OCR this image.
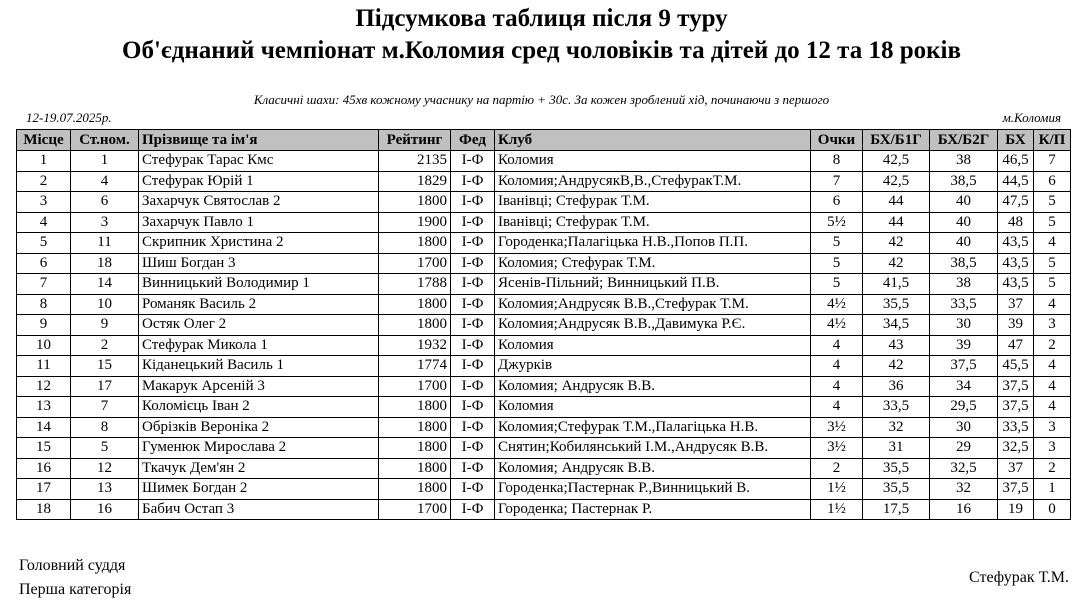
Підсумкова таблиця після 9 туру
Об'єднаний чемпіонат м.Коломия сред чоловіків та дітей до 12 та 18 років
Класичні шахи: 45хв кожному учаснику на партію + 30с. За кожен зроблений хід, починаючи з першого
12-19.07.2025р.	м.Коломия
Місце	Ст.ном.	Прізвище та ім'я	Рейтинг	Фед	Клуб	Очки	БХ/Б1Г	БХ/Б2Г	БХ	К/П
1	1	Стефурак Тарас Кмс	2135	І-Ф	Коломия	8	42,5	38	46,5	7
2	4	Стефурак Юрій 1	1829	І-Ф	Коломия;АндрусякВ,В.,СтефуракТ.М.	7	42,5	38,5	44,5	6
3	6	Захарчук Святослав 2	1800	І-Ф	Іванівці; Стефурак Т.М.	6	44	40	47,5	5
4	3	Захарчук Павло 1	1900	І-Ф	Іванівці; Стефурак Т.М.	5½	44	40	48	5
5	11	Скрипник Христина 2	1800	І-Ф	Городенка;Палагіцька Н.В.,Попов П.П.	5	42	40	43,5	4
6	18	Шиш Богдан 3	1700	І-Ф	Коломия; Стефурак Т.М.	5	42	38,5	43,5	5
7	14	Винницький Володимир 1	1788	І-Ф	Ясенів-Пільний; Винницький П.В.	5	41,5	38	43,5	5
8	10	Романяк Василь 2	1800	І-Ф	Коломия;Андрусяк В.В.,Стефурак Т.М.	4½	35,5	33,5	37	4
9	9	Остяк Олег 2	1800	І-Ф	Коломия;Андрусяк В.В.,Давимука Р.Є.	4½	34,5	30	39	3
10	2	Стефурак Микола 1	1932	І-Ф	Коломия	4	43	39	47	2
11	15	Кіданецький Василь 1	1774	І-Ф	Джурків	4	42	37,5	45,5	4
12	17	Макарук Арсеній 3	1700	І-Ф	Коломия; Андрусяк В.В.	4	36	34	37,5	4
13	7	Коломієць Іван 2	1800	І-Ф	Коломия	4	33,5	29,5	37,5	4
14	8	Обрізків Вероніка 2	1800	І-Ф	Коломия;Стефурак Т.М.,Палагіцька Н.В.	3½	32	30	33,5	3
15	5	Гуменюк Мирослава 2	1800	І-Ф	Снятин;Кобилянський І.М.,Андрусяк В.В.	3½	31	29	32,5	3
16	12	Ткачук Дем'ян 2	1800	І-Ф	Коломия; Андрусяк В.В.	2	35,5	32,5	37	2
17	13	Шимек Богдан 2	1800	І-Ф	Городенка;Пастернак Р.,Винницький В.	1½	35,5	32	37,5	1
18	16	Бабич Остап 3	1700	І-Ф	Городенка; Пастернак Р.	1½	17,5	16	19	0
Головний суддя
Перша категорія
Стефурак Т.М.
